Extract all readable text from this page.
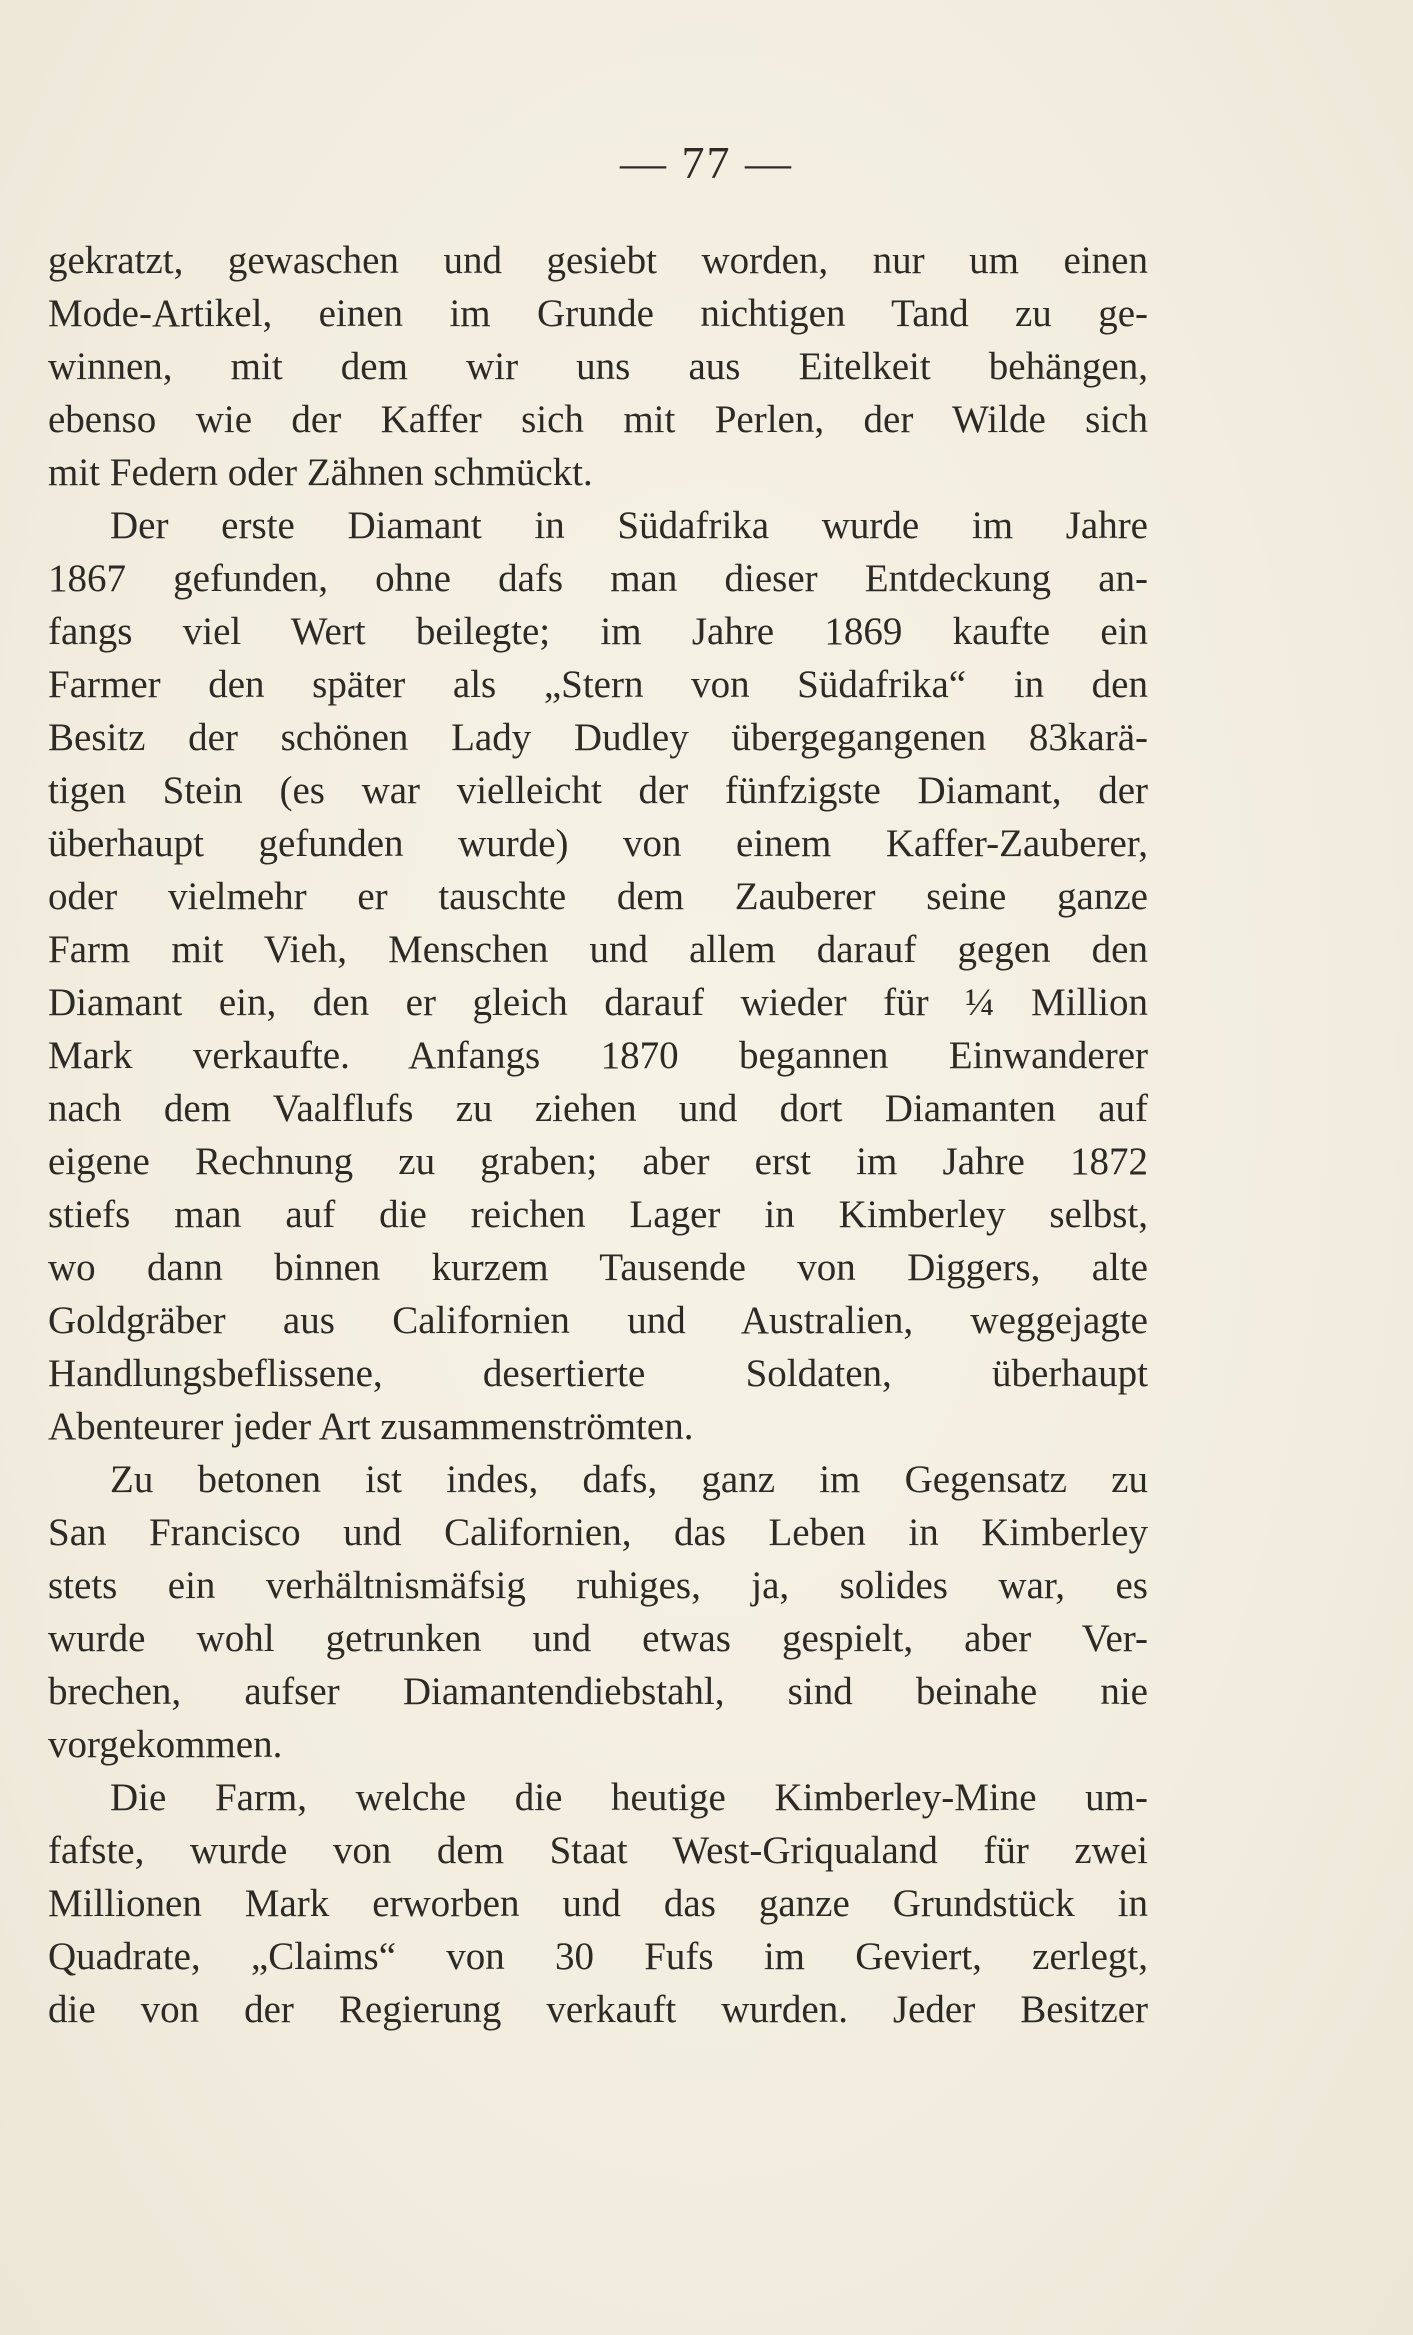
— 77 —
gekratzt, gewaschen und gesiebt worden, nur um einen
Mode-Artikel, einen im Grunde nichtigen Tand zu ge-
winnen, mit dem wir uns aus Eitelkeit behängen,
ebenso wie der Kaffer sich mit Perlen, der Wilde sich
mit Federn oder Zähnen schmückt.
Der erste Diamant in Südafrika wurde im Jahre
1867 gefunden, ohne dafs man dieser Entdeckung an-
fangs viel Wert beilegte; im Jahre 1869 kaufte ein
Farmer den später als „Stern von Südafrika“ in den
Besitz der schönen Lady Dudley übergegangenen 83karä-
tigen Stein (es war vielleicht der fünfzigste Diamant, der
überhaupt gefunden wurde) von einem Kaffer-Zauberer,
oder vielmehr er tauschte dem Zauberer seine ganze
Farm mit Vieh, Menschen und allem darauf gegen den
Diamant ein, den er gleich darauf wieder für ¼ Million
Mark verkaufte. Anfangs 1870 begannen Einwanderer
nach dem Vaalflufs zu ziehen und dort Diamanten auf
eigene Rechnung zu graben; aber erst im Jahre 1872
stiefs man auf die reichen Lager in Kimberley selbst,
wo dann binnen kurzem Tausende von Diggers, alte
Goldgräber aus Californien und Australien, weggejagte
Handlungsbeflissene, desertierte Soldaten, überhaupt
Abenteurer jeder Art zusammenströmten.
Zu betonen ist indes, dafs, ganz im Gegensatz zu
San Francisco und Californien, das Leben in Kimberley
stets ein verhältnismäfsig ruhiges, ja, solides war, es
wurde wohl getrunken und etwas gespielt, aber Ver-
brechen, aufser Diamantendiebstahl, sind beinahe nie
vorgekommen.
Die Farm, welche die heutige Kimberley-Mine um-
fafste, wurde von dem Staat West-Griqualand für zwei
Millionen Mark erworben und das ganze Grundstück in
Quadrate, „Claims“ von 30 Fufs im Geviert, zerlegt,
die von der Regierung verkauft wurden. Jeder Besitzer
